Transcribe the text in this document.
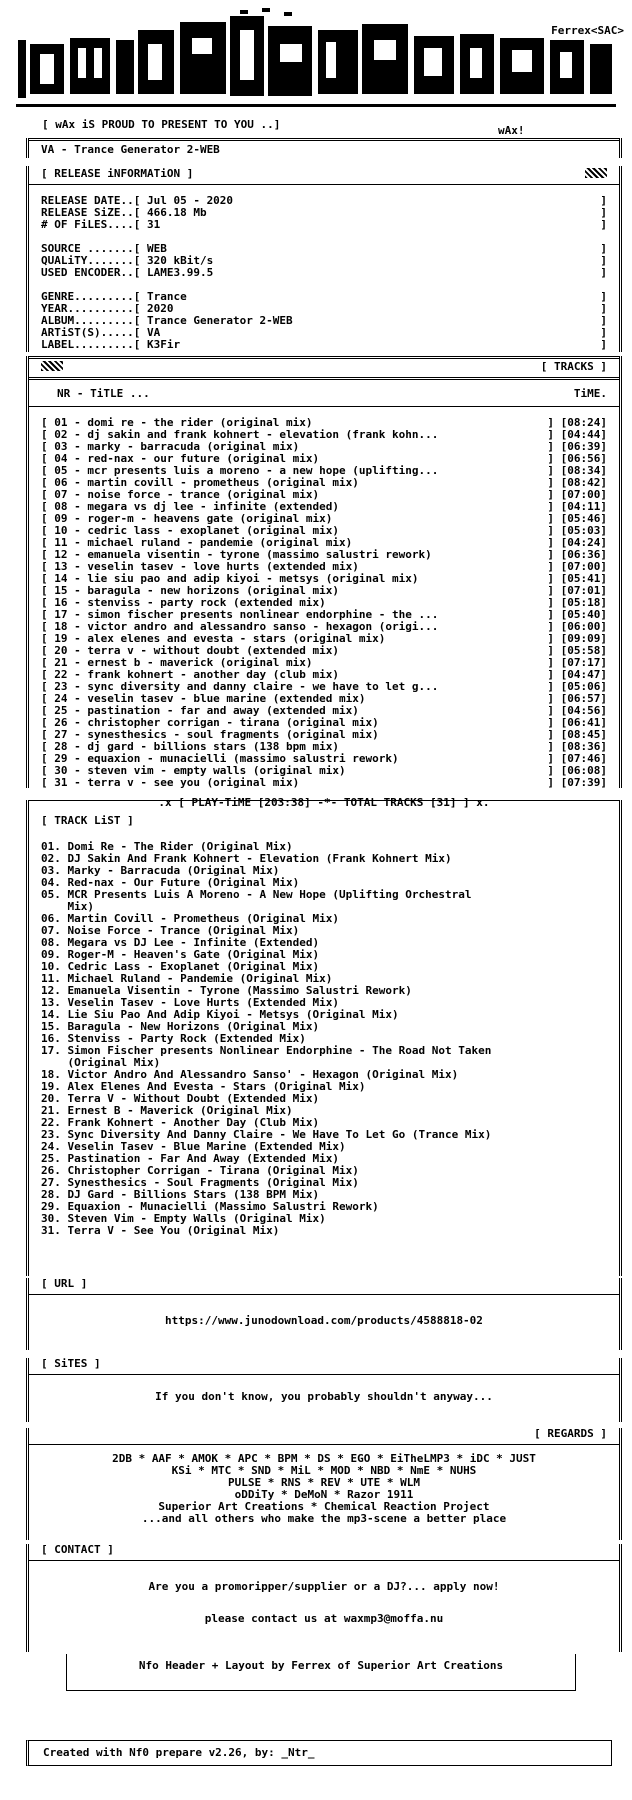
Ferrex<SAC>
[ wAx iS PROUD TO PRESENT TO YOU ..]	wAx!
VA - Trance Generator 2-WEB
[ RELEASE iNFORMATiON ]
RELEASE DATE..[ Jul 05 - 2020	]
RELEASE SiZE..[ 466.18 Mb	]
# OF FiLES....[ 31	]

SOURCE .......[ WEB	]
QUALiTY.......[ 320 kBit/s	]
USED ENCODER..[ LAME3.99.5	]

GENRE.........[ Trance	]
YEAR..........[ 2020	]
ALBUM.........[ Trance Generator 2-WEB	]
ARTiST(S).....[ VA	]
LABEL.........[ K3Fir	]
[ TRACKS ]
NR - TiTLE ...	TiME.
[ 01 - domi re - the rider (original mix)	] [08:24]
[ 02 - dj sakin and frank kohnert - elevation (frank kohn...	] [04:44]
[ 03 - marky - barracuda (original mix)	] [06:39]
[ 04 - red-nax - our future (original mix)	] [06:56]
[ 05 - mcr presents luis a moreno - a new hope (uplifting...	] [08:34]
[ 06 - martin covill - prometheus (original mix)	] [08:42]
[ 07 - noise force - trance (original mix)	] [07:00]
[ 08 - megara vs dj lee - infinite (extended)	] [04:11]
[ 09 - roger-m - heavens gate (original mix)	] [05:46]
[ 10 - cedric lass - exoplanet (original mix)	] [05:03]
[ 11 - michael ruland - pandemie (original mix)	] [04:24]
[ 12 - emanuela visentin - tyrone (massimo salustri rework)	] [06:36]
[ 13 - veselin tasev - love hurts (extended mix)	] [07:00]
[ 14 - lie siu pao and adip kiyoi - metsys (original mix)	] [05:41]
[ 15 - baragula - new horizons (original mix)	] [07:01]
[ 16 - stenviss - party rock (extended mix)	] [05:18]
[ 17 - simon fischer presents nonlinear endorphine - the ...	] [05:40]
[ 18 - victor andro and alessandro sanso - hexagon (origi...	] [06:00]
[ 19 - alex elenes and evesta - stars (original mix)	] [09:09]
[ 20 - terra v - without doubt (extended mix)	] [05:58]
[ 21 - ernest b - maverick (original mix)	] [07:17]
[ 22 - frank kohnert - another day (club mix)	] [04:47]
[ 23 - sync diversity and danny claire - we have to let g...	] [05:06]
[ 24 - veselin tasev - blue marine (extended mix)	] [06:57]
[ 25 - pastination - far and away (extended mix)	] [04:56]
[ 26 - christopher corrigan - tirana (original mix)	] [06:41]
[ 27 - synesthesics - soul fragments (original mix)	] [08:45]
[ 28 - dj gard - billions stars (138 bpm mix)	] [08:36]
[ 29 - equaxion - munacielli (massimo salustri rework)	] [07:46]
[ 30 - steven vim - empty walls (original mix)	] [06:08]
[ 31 - terra v - see you (original mix)	] [07:39]
.x [ PLAY-TiME [203:38] -*- TOTAL TRACKS [31] ] x.
[ TRACK LiST ]
01. Domi Re - The Rider (Original Mix)
02. DJ Sakin And Frank Kohnert - Elevation (Frank Kohnert Mix)
03. Marky - Barracuda (Original Mix)
04. Red-nax - Our Future (Original Mix)
05. MCR Presents Luis A Moreno - A New Hope (Uplifting Orchestral
Mix)
06. Martin Covill - Prometheus (Original Mix)
07. Noise Force - Trance (Original Mix)
08. Megara vs DJ Lee - Infinite (Extended)
09. Roger-M - Heaven's Gate (Original Mix)
10. Cedric Lass - Exoplanet (Original Mix)
11. Michael Ruland - Pandemie (Original Mix)
12. Emanuela Visentin - Tyrone (Massimo Salustri Rework)
13. Veselin Tasev - Love Hurts (Extended Mix)
14. Lie Siu Pao And Adip Kiyoi - Metsys (Original Mix)
15. Baragula - New Horizons (Original Mix)
16. Stenviss - Party Rock (Extended Mix)
17. Simon Fischer presents Nonlinear Endorphine - The Road Not Taken
(Original Mix)
18. Victor Andro And Alessandro Sanso' - Hexagon (Original Mix)
19. Alex Elenes And Evesta - Stars (Original Mix)
20. Terra V - Without Doubt (Extended Mix)
21. Ernest B - Maverick (Original Mix)
22. Frank Kohnert - Another Day (Club Mix)
23. Sync Diversity And Danny Claire - We Have To Let Go (Trance Mix)
24. Veselin Tasev - Blue Marine (Extended Mix)
25. Pastination - Far And Away (Extended Mix)
26. Christopher Corrigan - Tirana (Original Mix)
27. Synesthesics - Soul Fragments (Original Mix)
28. DJ Gard - Billions Stars (138 BPM Mix)
29. Equaxion - Munacielli (Massimo Salustri Rework)
30. Steven Vim - Empty Walls (Original Mix)
31. Terra V - See You (Original Mix)
[ URL ]
https://www.junodownload.com/products/4588818-02
[ SiTES ]
If you don't know, you probably shouldn't anyway...
[ REGARDS ]
2DB * AAF * AMOK * APC * BPM * DS * EGO * EiTheLMP3 * iDC * JUST
KSi * MTC * SND * MiL * MOD * NBD * NmE * NUHS
PULSE * RNS * REV * UTE * WLM
oDDiTy * DeMoN * Razor 1911
Superior Art Creations * Chemical Reaction Project
...and all others who make the mp3-scene a better place
[ CONTACT ]
Are you a promoripper/supplier or a DJ?... apply now!
please contact us at waxmp3@moffa.nu
Nfo Header + Layout by Ferrex of Superior Art Creations
Created with Nf0 prepare v2.26, by: _Ntr_
